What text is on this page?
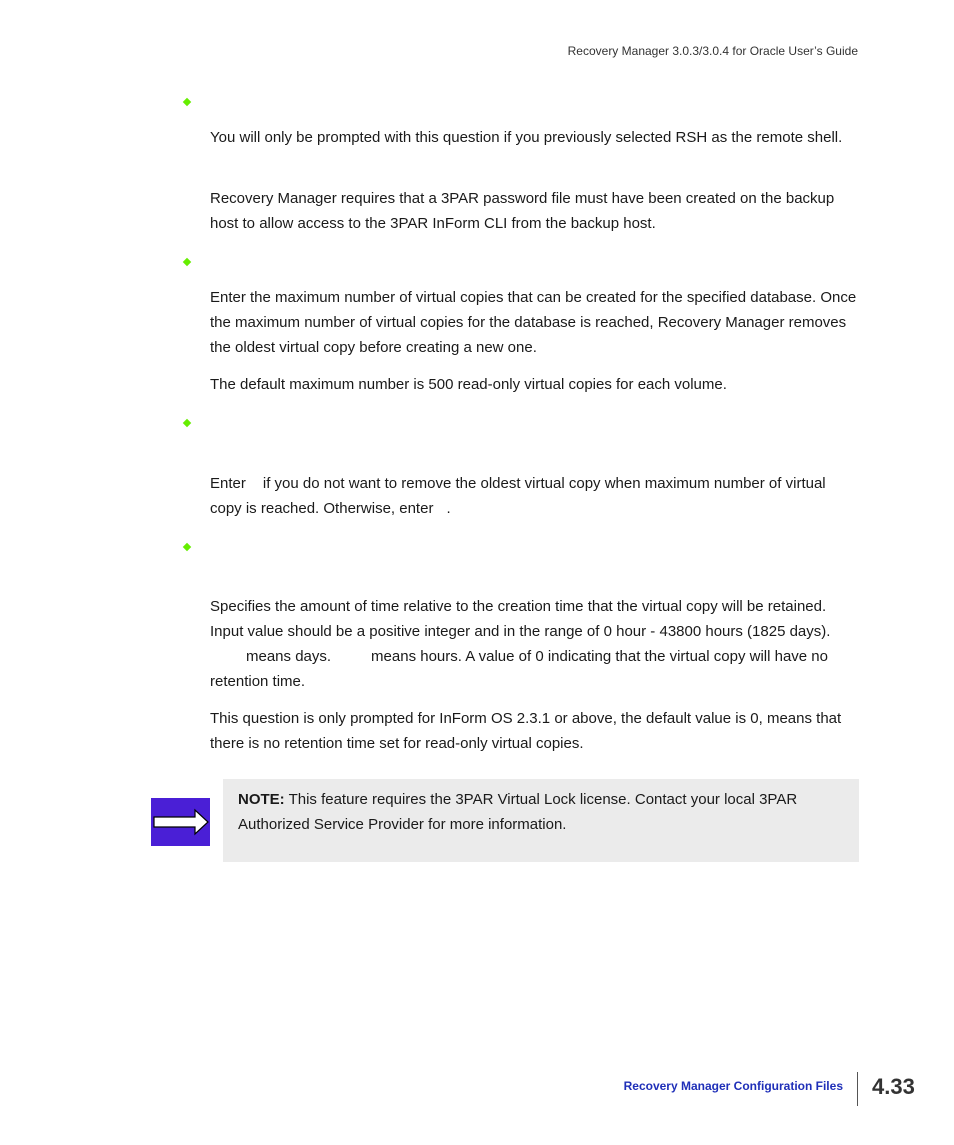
Recovery Manager 3.0.3/3.0.4 for Oracle User’s Guide

You will only be prompted with this question if you previously selected RSH as the remote shell.

Recovery Manager requires that a 3PAR password file must have been created on the backup host to allow access to the 3PAR InForm CLI from the backup host.

Enter the maximum number of virtual copies that can be created for the specified database. Once the maximum number of virtual copies for the database is reached, Recovery Manager removes the oldest virtual copy before creating a new one.

The default maximum number is 500 read-only virtual copies for each volume.

Enter if you do not want to remove the oldest virtual copy when maximum number of virtual copy is reached. Otherwise, enter .

Specifies the amount of time relative to the creation time that the virtual copy will be retained. Input value should be a positive integer and in the range of 0 hour - 43800 hours (1825 days).means days.	means hours. A value of 0 indicating that the virtual copy will have no retention time.

This question is only prompted for InForm OS 2.3.1 or above, the default value is 0, means that there is no retention time set for read-only virtual copies.

NOTE: This feature requires the 3PAR Virtual Lock license. Contact your local 3PAR Authorized Service Provider for more information.

Recovery Manager Configuration Files 4.33
